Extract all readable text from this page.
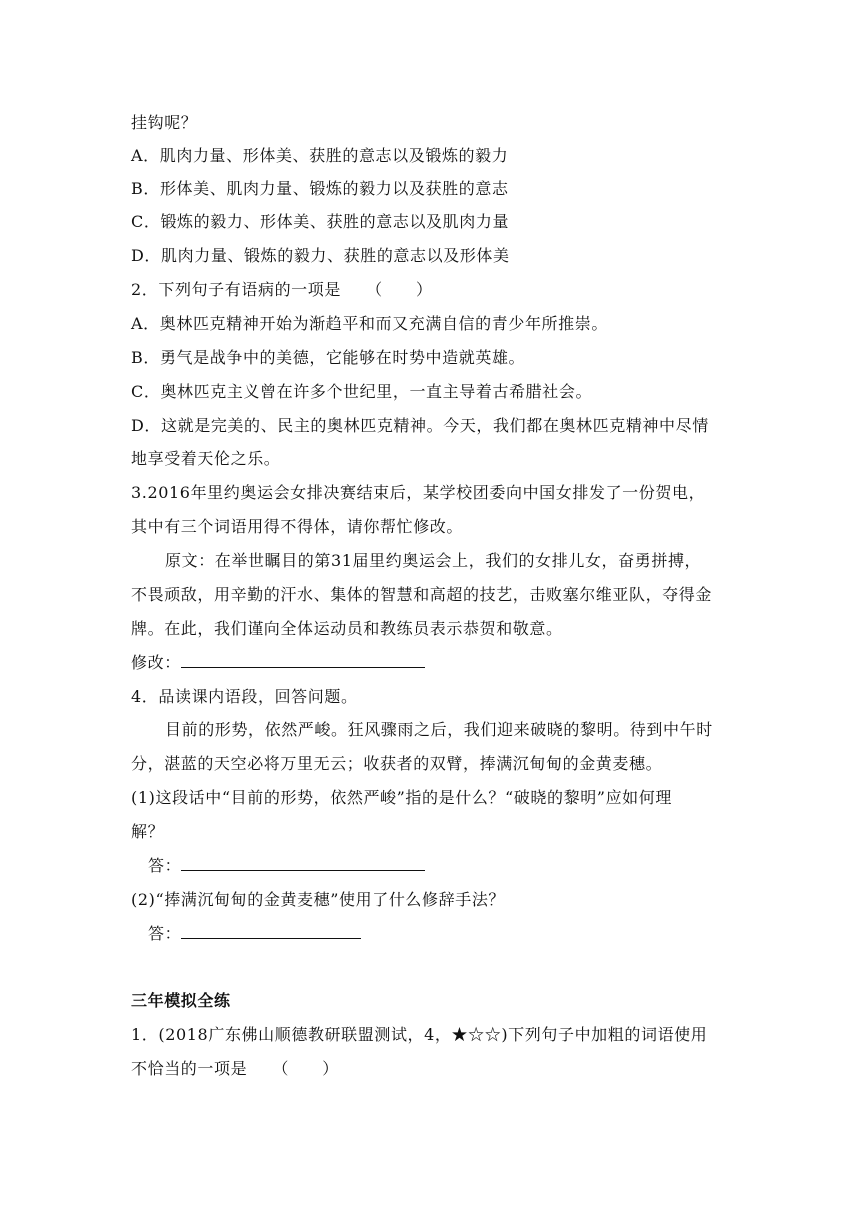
挂钩呢？
A．肌肉力量、形体美、获胜的意志以及锻炼的毅力
B．形体美、肌肉力量、锻炼的毅力以及获胜的意志
C．锻炼的毅力、形体美、获胜的意志以及肌肉力量
D．肌肉力量、锻炼的毅力、获胜的意志以及形体美
2．下列句子有语病的一项是　　（　　）
A．奥林匹克精神开始为渐趋平和而又充满自信的青少年所推崇。
B．勇气是战争中的美德，它能够在时势中造就英雄。
C．奥林匹克主义曾在许多个世纪里，一直主导着古希腊社会。
D．这就是完美的、民主的奥林匹克精神。今天，我们都在奥林匹克精神中尽情
地享受着天伦之乐。
3.2016年里约奥运会女排决赛结束后，某学校团委向中国女排发了一份贺电，
其中有三个词语用得不得体，请你帮忙修改。
原文：在举世瞩目的第31届里约奥运会上，我们的女排儿女，奋勇拼搏，
不畏顽敌，用辛勤的汗水、集体的智慧和高超的技艺，击败塞尔维亚队，夺得金
牌。在此，我们谨向全体运动员和教练员表示恭贺和敬意。
修改：
4．品读课内语段，回答问题。
目前的形势，依然严峻。狂风骤雨之后，我们迎来破晓的黎明。待到中午时
分，湛蓝的天空必将万里无云；收获者的双臂，捧满沉甸甸的金黄麦穗。
(1)这段话中“目前的形势，依然严峻”指的是什么？“破晓的黎明”应如何理
解？
答：
(2)“捧满沉甸甸的金黄麦穗”使用了什么修辞手法？
答：
三年模拟全练
1．(2018广东佛山顺德教研联盟测试，4，★☆☆)下列句子中加粗的词语使用
不恰当的一项是　　（　　）
